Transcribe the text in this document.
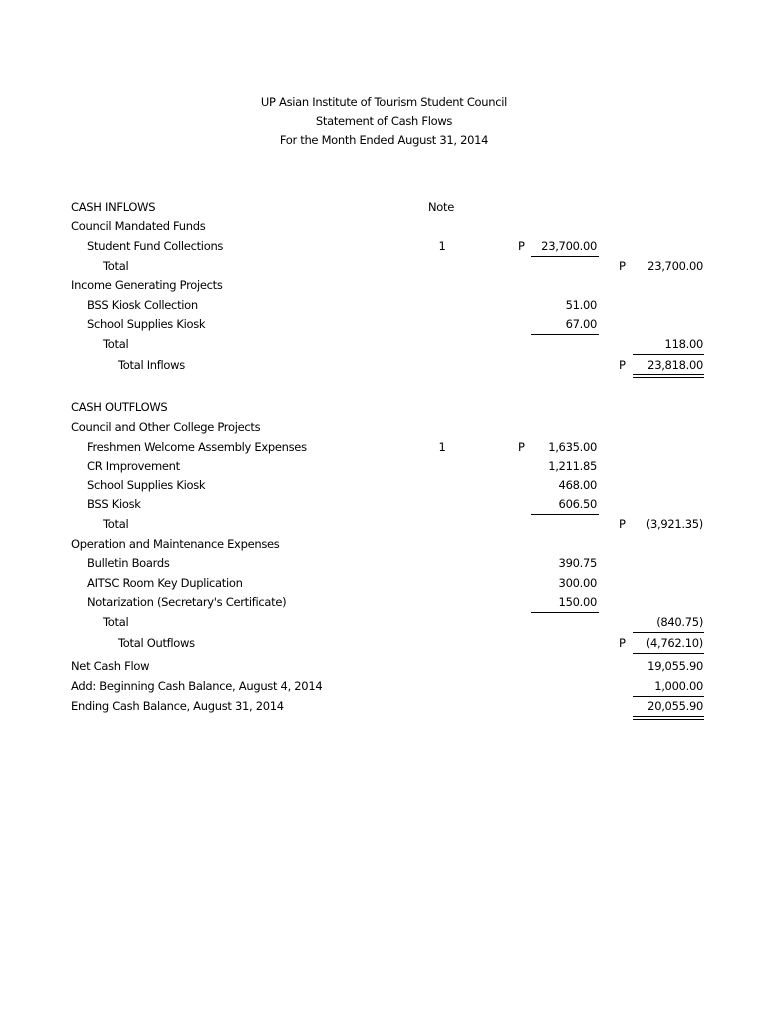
UP Asian Institute of Tourism Student Council
Statement of Cash Flows
For the Month Ended August 31, 2014
CASH INFLOWS	Note
Council Mandated Funds
Student Fund Collections	1	P	23,700.00
Total	P	23,700.00
Income Generating Projects
BSS Kiosk Collection	51.00
School Supplies Kiosk	67.00
Total	118.00
Total Inflows	P	23,818.00
CASH OUTFLOWS
Council and Other College Projects
Freshmen Welcome Assembly Expenses	1	P	1,635.00
CR Improvement	1,211.85
School Supplies Kiosk	468.00
BSS Kiosk	606.50
Total	P	(3,921.35)
Operation and Maintenance Expenses
Bulletin Boards	390.75
AITSC Room Key Duplication	300.00
Notarization (Secretary's Certificate)	150.00
Total	(840.75)
Total Outflows	P	(4,762.10)
Net Cash Flow	19,055.90
Add: Beginning Cash Balance, August 4, 2014	1,000.00
Ending Cash Balance, August 31, 2014	20,055.90
